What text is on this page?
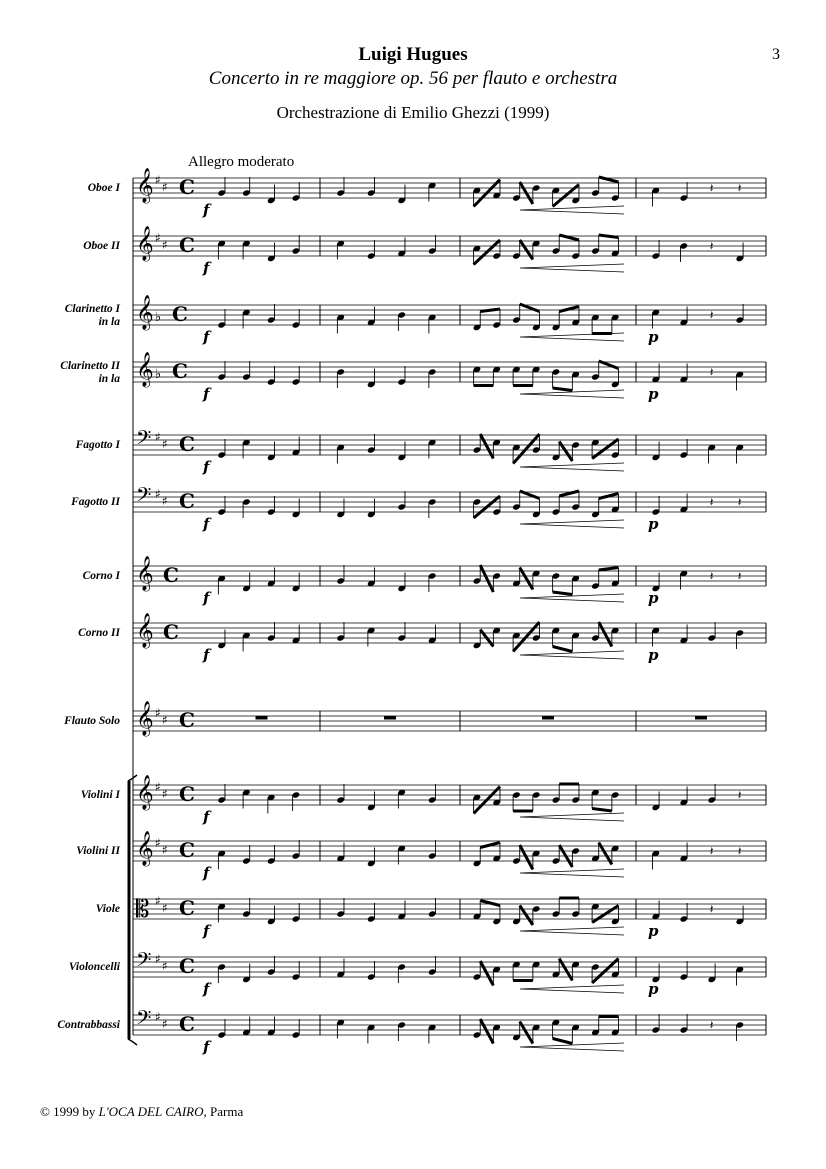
Luigi Hugues
Concerto in re maggiore op. 56 per flauto e orchestra
Orchestrazione di Emilio Ghezzi (1999)
3
Allegro moderato
Oboe I
Oboe II
Clarinetto I
in la
Clarinetto II
in la
Fagotto I
Fagotto II
Corno I
Corno II
Flauto Solo
Violini I
Violini II
Viole
Violoncelli
Contrabbassi
𝄞 ♯ ♯ C	𝄽 𝄽
f
𝄞 ♯ ♯ C	𝄽
f
𝄞 ♭ C	𝄽
f	p
𝄞 ♭ C	𝄽
f	p
𝄢 ♯ ♯ C
f
𝄢 ♯ ♯ C	𝄽 𝄽
f	p
𝄞 C	𝄽 𝄽
f	p
𝄞 C
f	p
𝄞 ♯ ♯ C
𝄞 ♯ ♯ C	𝄽
f
𝄞 ♯ ♯ C	𝄽 𝄽
f
𝄡 ♯ ♯ C	𝄽
f	p
𝄢 ♯ ♯ C
f	p
𝄢 ♯ ♯ C	𝄽
f
© 1999 by L'OCA DEL CAIRO, Parma
